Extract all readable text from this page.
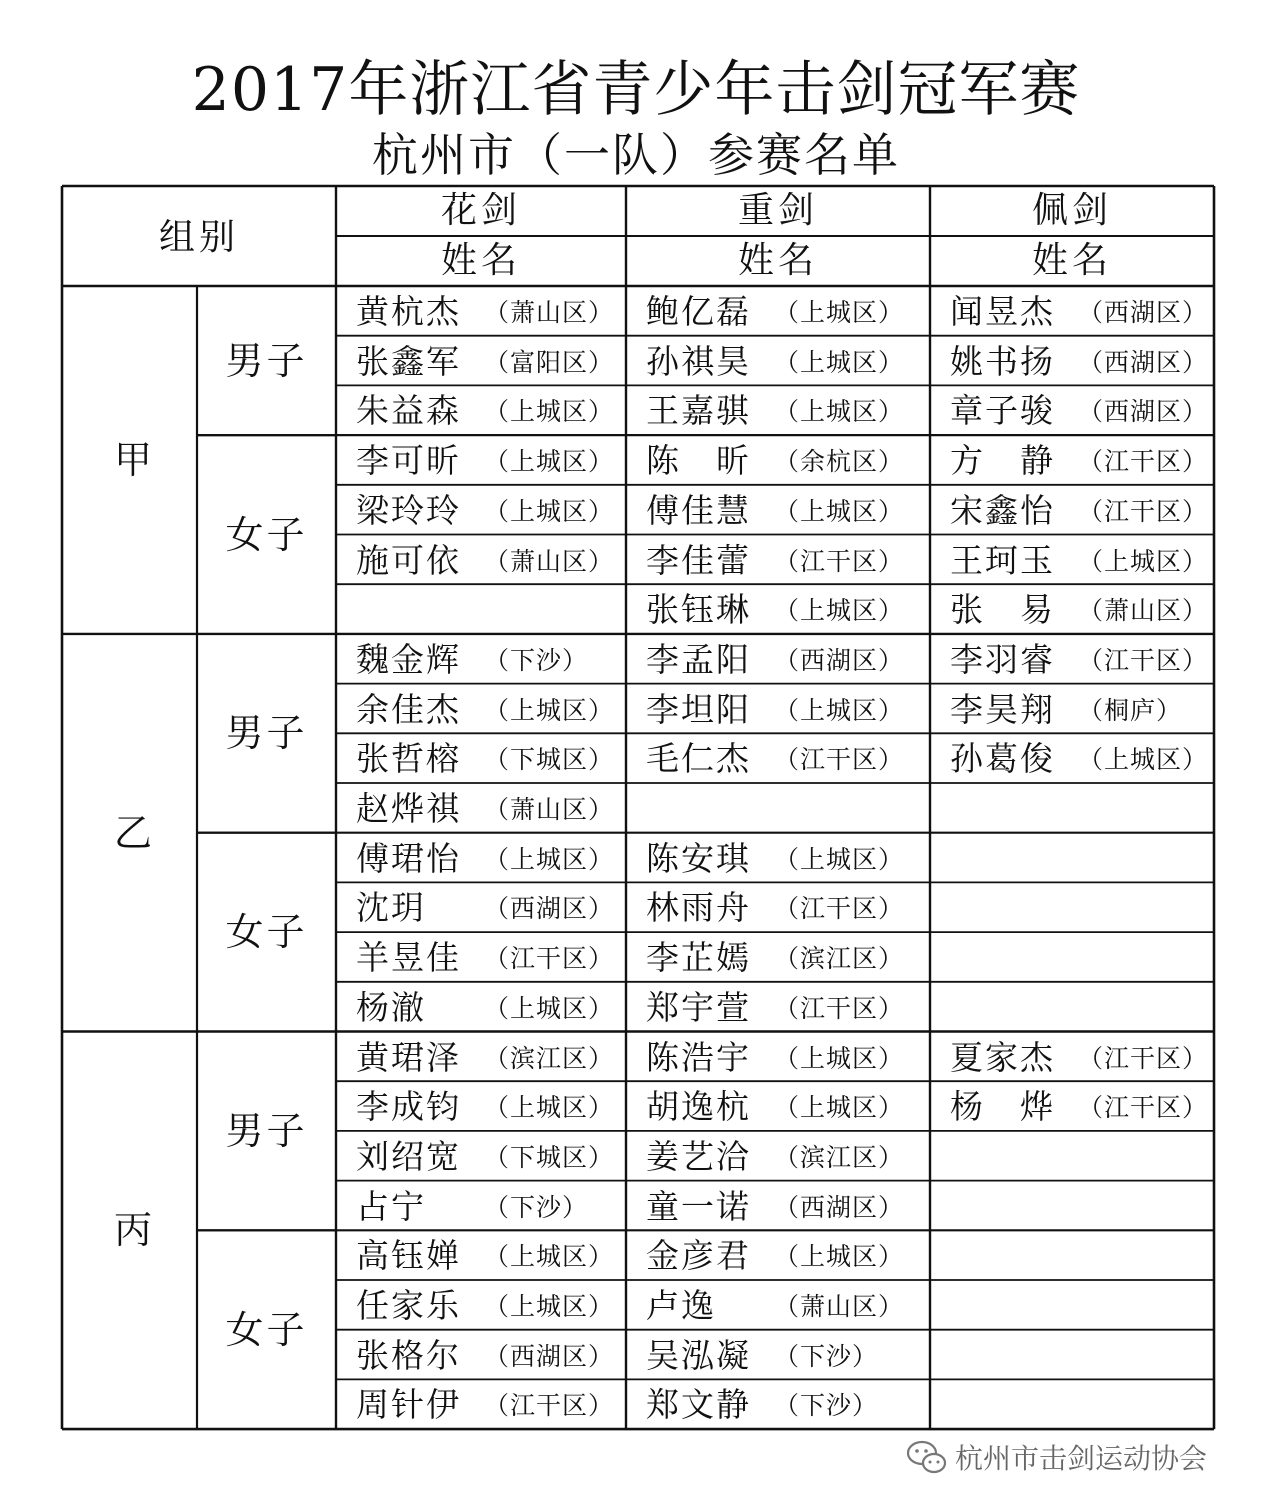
2017年浙江省青少年击剑冠军赛
杭州市（一队）参赛名单
组别
花剑
姓名
重剑
姓名
佩剑
姓名
黄杭杰 （萧山区） 鲍亿磊 （上城区） 闻昱杰 （西湖区）
张鑫军 （富阳区） 孙祺昊 （上城区） 姚书扬 （西湖区）
朱益森 （上城区） 王嘉骐 （上城区） 章子骏 （西湖区）
男子
李可昕 （上城区） 陈　昕 （余杭区） 方　静 （江干区）
梁玲玲 （上城区） 傅佳慧 （上城区） 宋鑫怡 （江干区）
施可依 （萧山区） 李佳蕾 （江干区） 王珂玉 （上城区）
张钰琳 （上城区） 张　易 （萧山区）
女子
甲
魏金辉 （下沙） 李孟阳 （西湖区） 李羽睿 （江干区）
余佳杰 （上城区） 李坦阳 （上城区） 李昊翔 （桐庐）
张哲榕 （下城区） 毛仁杰 （江干区） 孙葛俊 （上城区）
赵烨祺 （萧山区）
男子
傅珺怡 （上城区） 陈安琪 （上城区）
沈玥 （西湖区） 林雨舟 （江干区）
羊昱佳 （江干区） 李芷嫣 （滨江区）
杨澈 （上城区） 郑宇萱 （江干区）
女子
乙
黄珺泽 （滨江区） 陈浩宇 （上城区） 夏家杰 （江干区）
李成钧 （上城区） 胡逸杭 （上城区） 杨　烨 （江干区）
刘绍宽 （下城区） 姜艺洽 （滨江区）
占宁 （下沙） 童一诺 （西湖区）
男子
高钰婵 （上城区） 金彦君 （上城区）
任家乐 （上城区） 卢逸 （萧山区）
张格尔 （西湖区） 吴泓凝 （下沙）
周针伊 （江干区） 郑文静 （下沙）
女子
丙
杭州市击剑运动协会
